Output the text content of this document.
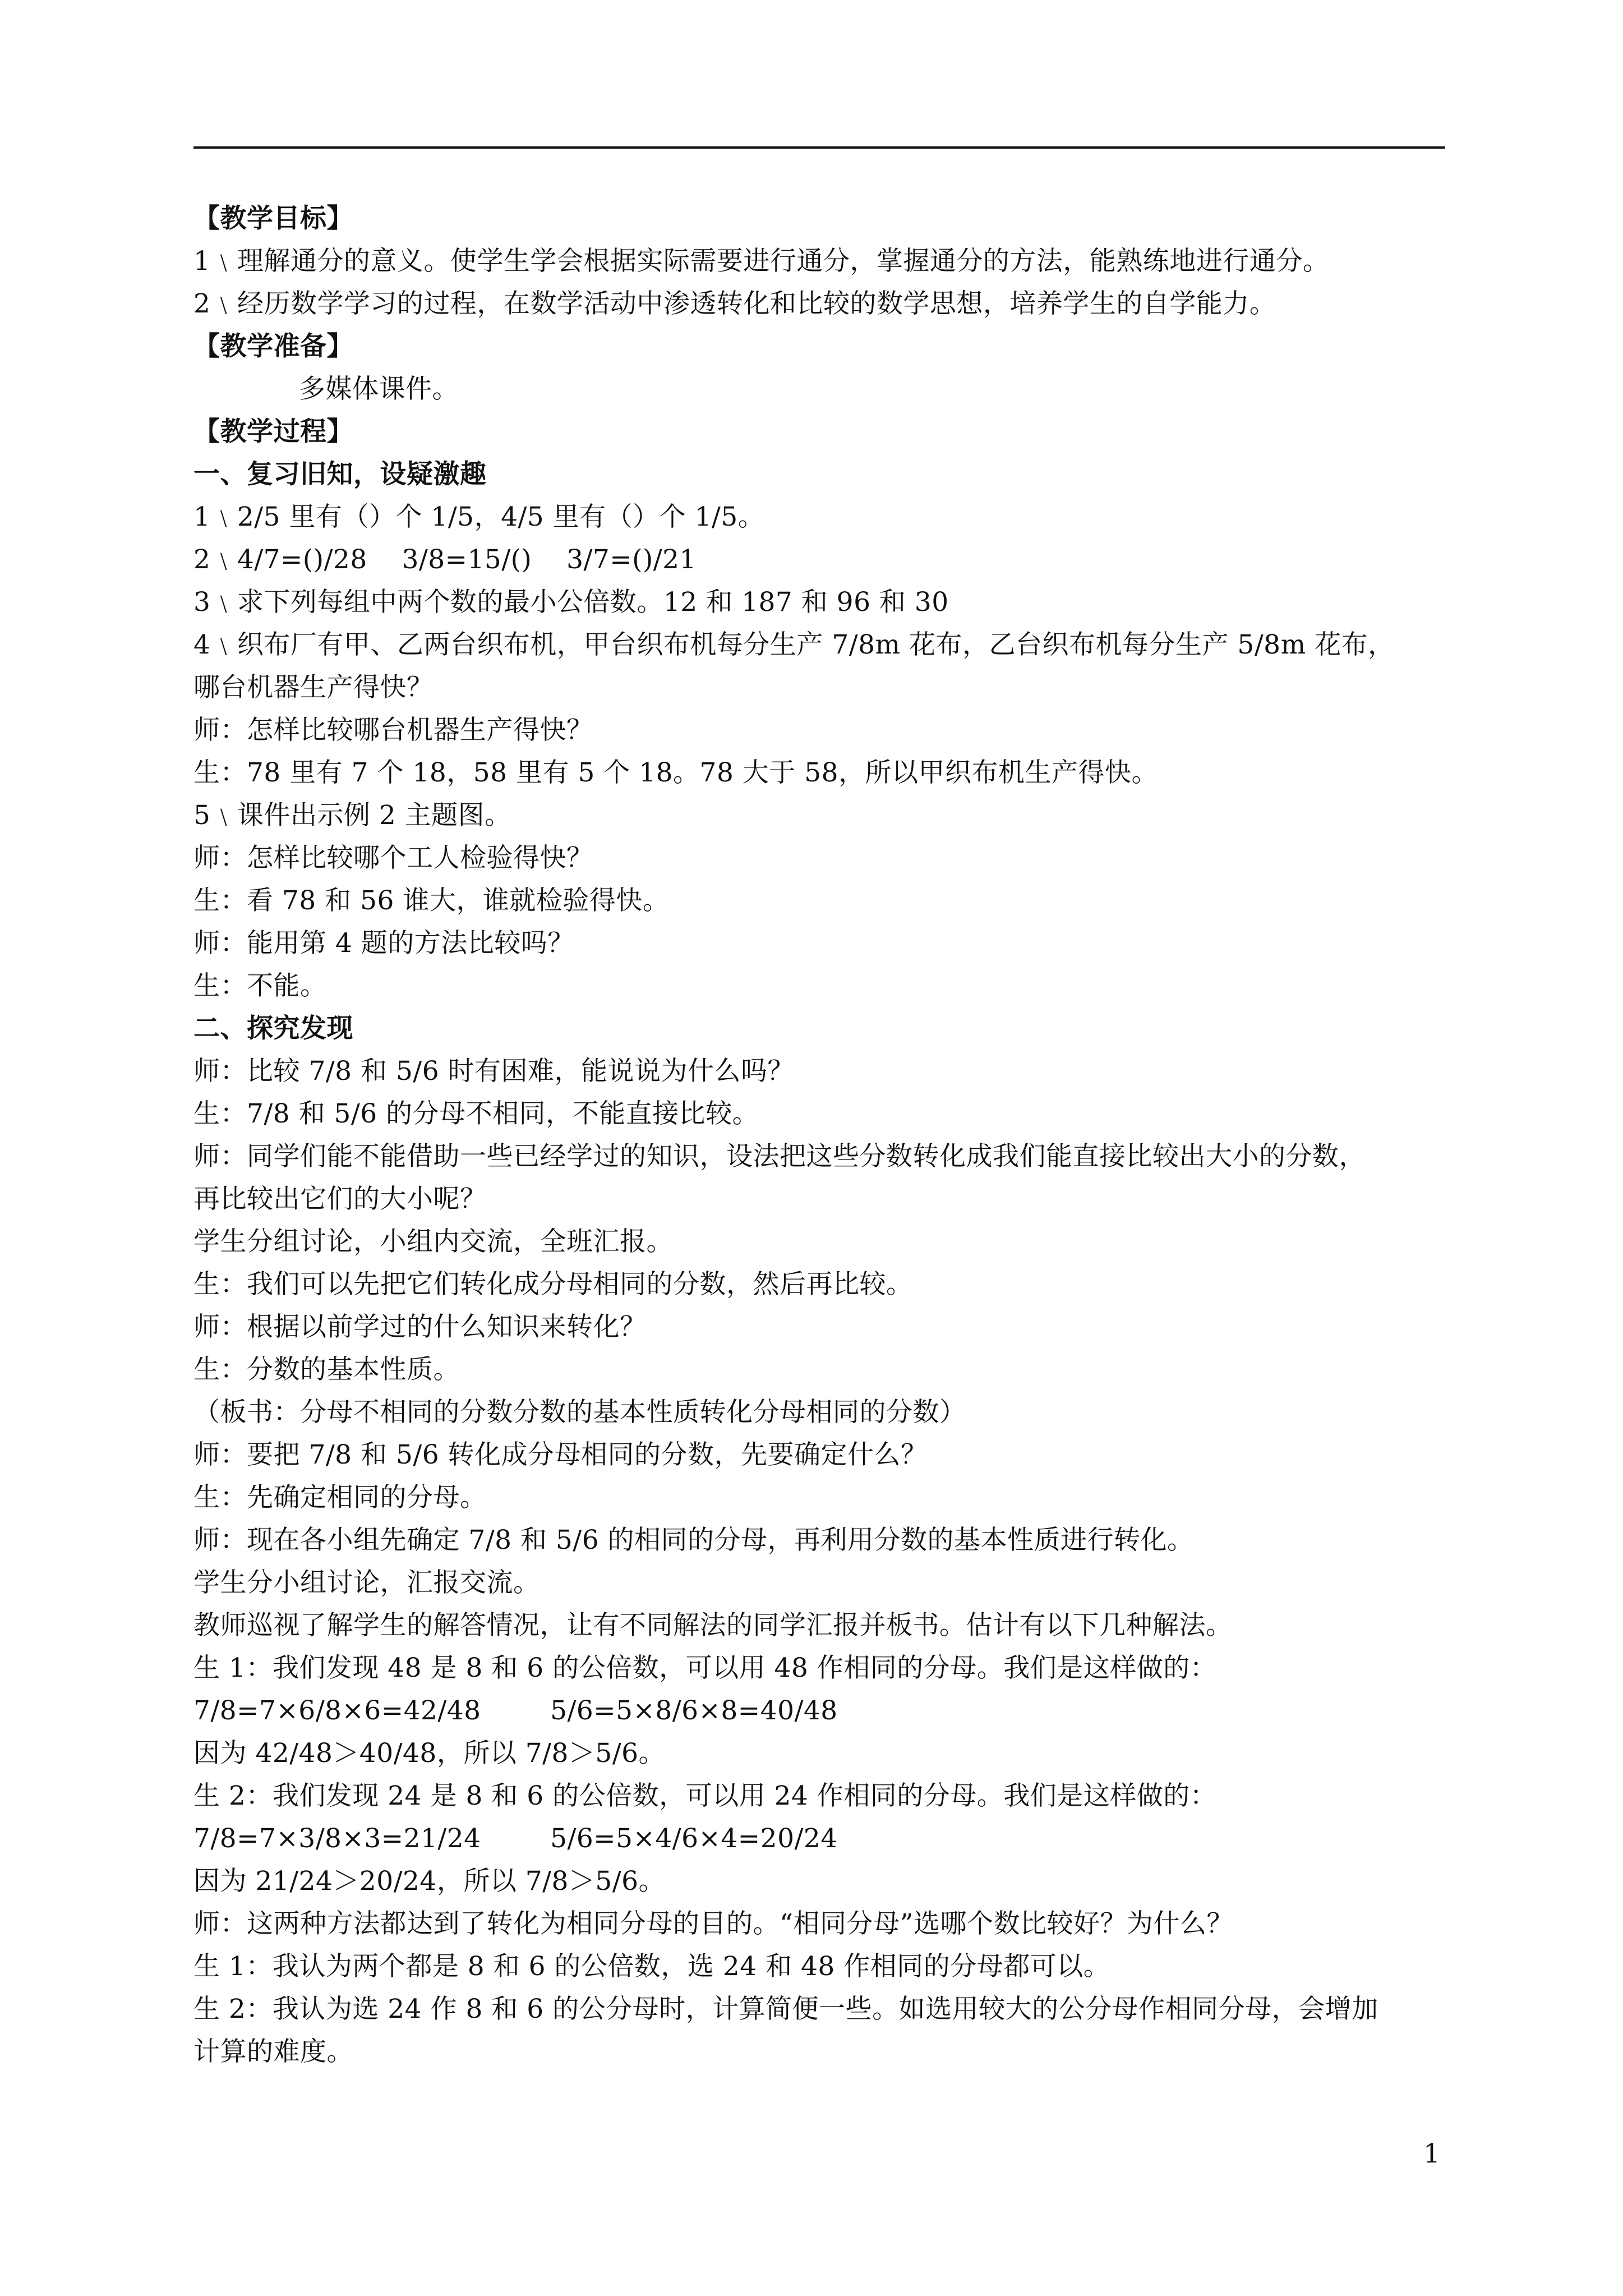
【教学目标】

1﹨理解通分的意义。使学生学会根据实际需要进行通分，掌握通分的方法，能熟练地进行通分。

2﹨经历数学学习的过程，在数学活动中渗透转化和比较的数学思想，培养学生的自学能力。

【教学准备】

多媒体课件。

【教学过程】

一、复习旧知，设疑激趣

1﹨2/5 里有（）个 1/5，4/5 里有（）个 1/5。

2﹨4/7=()/28    3/8=15/()    3/7=()/21

3﹨求下列每组中两个数的最小公倍数。12 和 187 和 96 和 30

4﹨织布厂有甲、乙两台织布机，甲台织布机每分生产 7/8m 花布，乙台织布机每分生产 5/8m 花布，

哪台机器生产得快？

师：怎样比较哪台机器生产得快？

生：78 里有 7 个 18，58 里有 5 个 18。78 大于 58，所以甲织布机生产得快。

5﹨课件出示例 2 主题图。

师：怎样比较哪个工人检验得快？

生：看 78 和 56 谁大，谁就检验得快。

师：能用第 4 题的方法比较吗？

生：不能。

二、探究发现

师：比较 7/8 和 5/6 时有困难，能说说为什么吗？

生：7/8 和 5/6 的分母不相同，不能直接比较。

师：同学们能不能借助一些已经学过的知识，设法把这些分数转化成我们能直接比较出大小的分数，

再比较出它们的大小呢？

学生分组讨论，小组内交流，全班汇报。

生：我们可以先把它们转化成分母相同的分数，然后再比较。

师：根据以前学过的什么知识来转化？

生：分数的基本性质。

（板书：分母不相同的分数分数的基本性质转化分母相同的分数）

师：要把 7/8 和 5/6 转化成分母相同的分数，先要确定什么？

生：先确定相同的分母。

师：现在各小组先确定 7/8 和 5/6 的相同的分母，再利用分数的基本性质进行转化。

学生分小组讨论，汇报交流。

教师巡视了解学生的解答情况，让有不同解法的同学汇报并板书。估计有以下几种解法。

生 1：我们发现 48 是 8 和 6 的公倍数，可以用 48 作相同的分母。我们是这样做的：

7/8=7×6/8×6=42/48        5/6=5×8/6×8=40/48

因为 42/48＞40/48，所以 7/8＞5/6。

生 2：我们发现 24 是 8 和 6 的公倍数，可以用 24 作相同的分母。我们是这样做的：

7/8=7×3/8×3=21/24        5/6=5×4/6×4=20/24

因为 21/24＞20/24，所以 7/8＞5/6。

师：这两种方法都达到了转化为相同分母的目的。“相同分母”选哪个数比较好？为什么？

生 1：我认为两个都是 8 和 6 的公倍数，选 24 和 48 作相同的分母都可以。

生 2：我认为选 24 作 8 和 6 的公分母时，计算简便一些。如选用较大的公分母作相同分母，会增加

计算的难度。

1
